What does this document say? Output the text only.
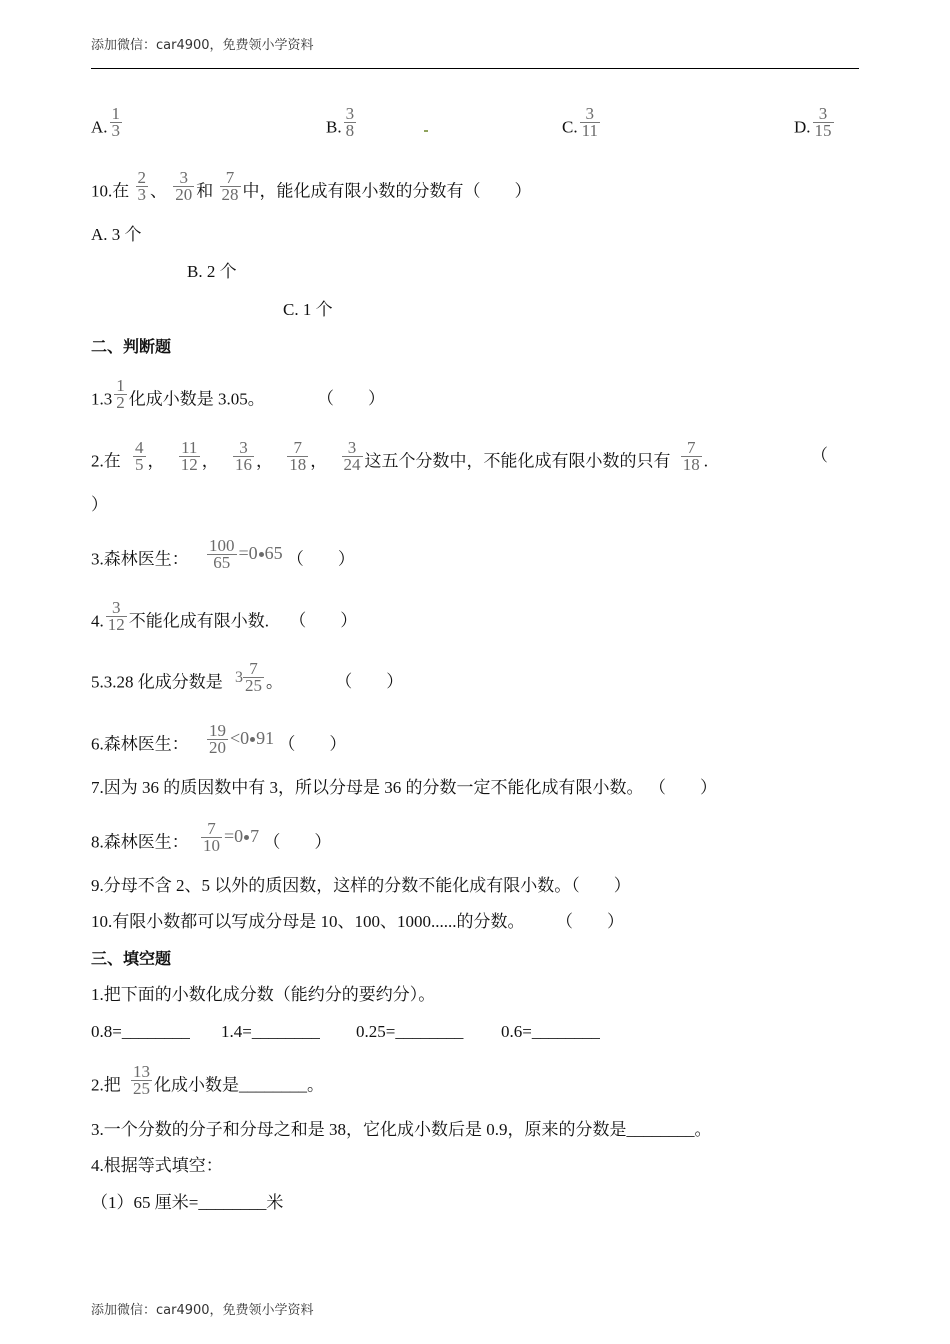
添加微信：car4900，免费领小学资料
A. $\frac{1}{3}$	B. $\frac{3}{8}$	C. $\frac{3}{11}$	D. $\frac{3}{15}$
10.在 $\frac{2}{3}$ 、 $\frac{3}{20}$ 和 $\frac{7}{28}$ 中，能化成有限小数的分数有（　　）
A. 3 个
B. 2 个
C. 1 个
二、判断题
$1.3 \frac{1}{2}$ 化成小数是 3.05。	（　　）
2.在 $\frac{4}{5}$ ， $\frac{11}{12}$ ， $\frac{3}{16}$ ， $\frac{7}{18}$ ， $\frac{3}{24}$ 这五个分数中，不能化成有限小数的只有 $\frac{7}{18}$ .	（
）
3.森林医生： $\frac{100}{65} =0$ 65 （　　）
4. $\frac{3}{12}$ 不能化成有限小数. （　　）
5.3.28 化成分数是 $3 \frac{7}{25}$ 。	（　　）
6.森林医生： $\frac{19}{20} <0$ 91 （　　）
7.因为 36 的质因数中有 3，所以分母是 36 的分数一定不能化成有限小数。 （　　）
8.森林医生： $\frac{7}{10} =0$ 7 （　　）
9.分母不含 2、5 以外的质因数，这样的分数不能化成有限小数。（　　）
10.有限小数都可以写成分母是 10、100、1000......的分数。 （　　）
三、填空题
1.把下面的小数化成分数（能约分的要约分）。
0.8=________ 1.4=________ 0.25=________ 0.6=________
2.把 $\frac{13}{25}$ 化成小数是________。
3.一个分数的分子和分母之和是 38，它化成小数后是 0.9，原来的分数是________。
4.根据等式填空：
（1）65 厘米=________米
添加微信：car4900，免费领小学资料
